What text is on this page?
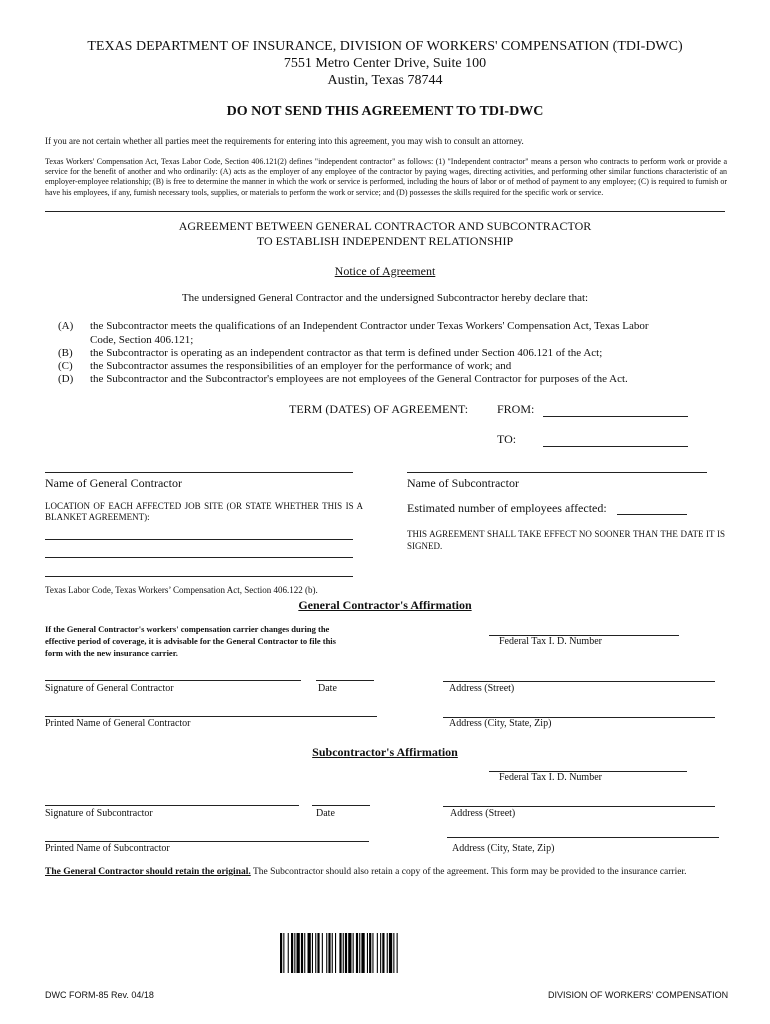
TEXAS DEPARTMENT OF INSURANCE, DIVISION OF WORKERS' COMPENSATION (TDI-DWC)
7551 Metro Center Drive, Suite 100
Austin, Texas 78744
DO NOT SEND THIS AGREEMENT TO TDI-DWC
If you are not certain whether all parties meet the requirements for entering into this agreement, you may wish to consult an attorney.
Texas Workers' Compensation Act, Texas Labor Code, Section 406.121(2) defines "independent contractor" as follows: (1) "Independent contractor" means a person who contracts to perform work or provide a service for the benefit of another and who ordinarily: (A) acts as the employer of any employee of the contractor by paying wages, directing activities, and performing other similar functions characteristic of an employer-employee relationship; (B) is free to determine the manner in which the work or service is performed, including the hours of labor or of method of payment to any employee; (C) is required to furnish or have his employees, if any, furnish necessary tools, supplies, or materials to perform the work or service; and (D) possesses the skills required for the specific work or service.
AGREEMENT BETWEEN GENERAL CONTRACTOR AND SUBCONTRACTOR
TO ESTABLISH INDEPENDENT RELATIONSHIP
Notice of Agreement
The undersigned General Contractor and the undersigned Subcontractor hereby declare that:
(A) the Subcontractor meets the qualifications of an Independent Contractor under Texas Workers' Compensation Act, Texas Labor
Code, Section 406.121;
(B) the Subcontractor is operating as an independent contractor as that term is defined under Section 406.121 of the Act;
(C) the Subcontractor assumes the responsibilities of an employer for the performance of work; and
(D) the Subcontractor and the Subcontractor's employees are not employees of the General Contractor for purposes of the Act.
TERM (DATES) OF AGREEMENT: FROM:
TO:
Name of General Contractor	Name of Subcontractor
LOCATION OF EACH AFFECTED JOB SITE (OR STATE WHETHER THIS IS A BLANKET AGREEMENT):
Estimated number of employees affected:
THIS AGREEMENT SHALL TAKE EFFECT NO SOONER THAN THE DATE IT IS SIGNED.
Texas Labor Code, Texas Workers’ Compensation Act, Section 406.122 (b).
General Contractor's Affirmation
If the General Contractor's workers' compensation carrier changes during the effective period of coverage, it is advisable for the General Contractor to file this form with the new insurance carrier.
Federal Tax I. D. Number
Signature of General Contractor	Date	Address (Street)
Printed Name of General Contractor	Address (City, State, Zip)
Subcontractor's Affirmation
Federal Tax I. D. Number
Signature of Subcontractor	Date	Address (Street)
Printed Name of Subcontractor	Address (City, State, Zip)
The General Contractor should retain the original. The Subcontractor should also retain a copy of the agreement. This form may be provided to the insurance carrier.
DWC FORM-85 Rev. 04/18	DIVISION OF WORKERS' COMPENSATION
